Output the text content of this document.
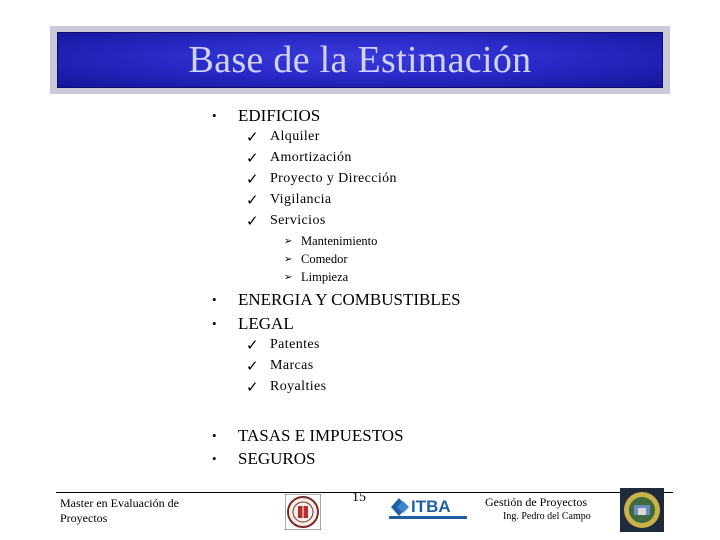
Base de la Estimación
• EDIFICIOS
✓ Alquiler
✓ Amortización
✓ Proyecto y Dirección
✓ Vigilancia
✓ Servicios
➢ Mantenimiento
➢ Comedor
➢ Limpieza
• ENERGIA Y COMBUSTIBLES
• LEGAL
✓ Patentes
✓ Marcas
✓ Royalties
• TASAS E IMPUESTOS
• SEGUROS
Master en Evaluación de Proyectos
15	ITBA	Gestión de Proyectos
Ing. Pedro del Campo
